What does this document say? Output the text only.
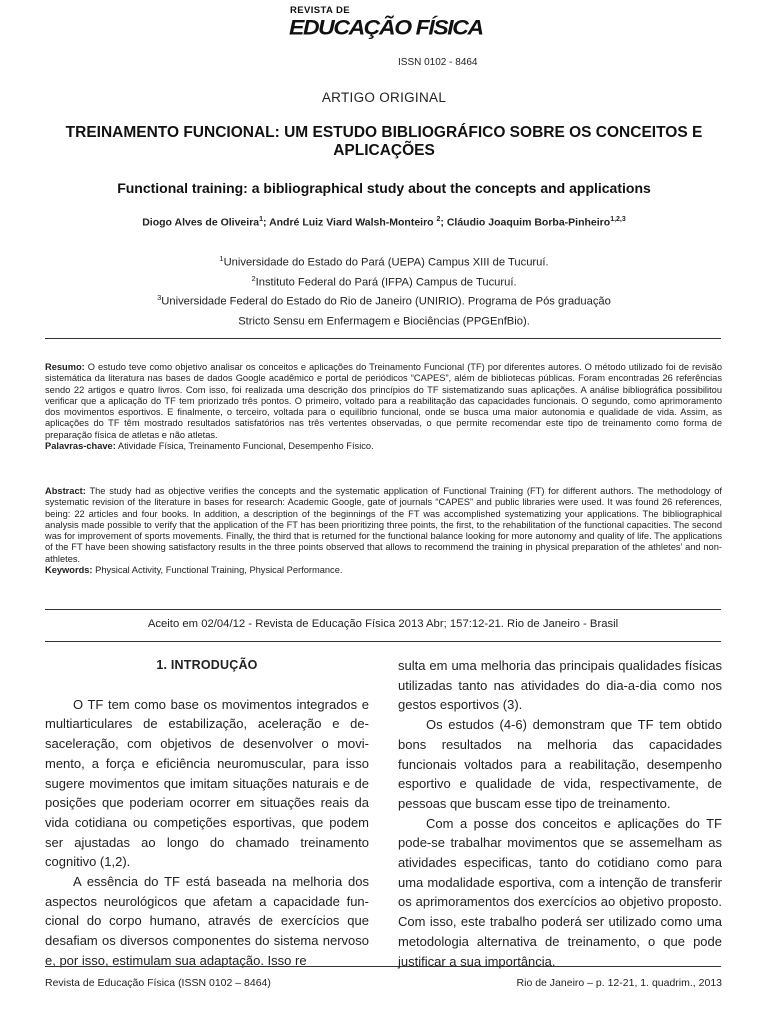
REVISTA DE
EDUCAÇÃO FÍSICA
ISSN 0102 - 8464
ARTIGO ORIGINAL
TREINAMENTO FUNCIONAL: UM ESTUDO BIBLIOGRÁFICO SOBRE OS CONCEITOS E APLICAÇÕES
Functional training: a bibliographical study about the concepts and applications
Diogo Alves de Oliveira$^1$; André Luiz Viard Walsh-Monteiro $^2$; Cláudio Joaquim Borba-Pinheiro$^{1,2,3}$
$^1$Universidade do Estado do Pará (UEPA) Campus XIII de Tucuruí.
$^2$Instituto Federal do Pará (IFPA) Campus de Tucuruí.
$^3$Universidade Federal do Estado do Rio de Janeiro (UNIRIO). Programa de Pós graduação
Stricto Sensu em Enfermagem e Biociências (PPGEnfBio).
Resumo: O estudo teve como objetivo analisar os conceitos e aplicações do Treinamento Funcional (TF) por diferentes autores. O método utilizado foi de revisão sistemática da literatura nas bases de dados Google acadêmico e portal de periódicos “CAPES”, além de bibliotecas públicas. Foram encontradas 26 referências sendo 22 artigos e quatro livros. Com isso, foi realizada uma descrição dos princípios do TF sistematizando suas aplicações. A análise bibliográfica possibilitou verificar que a aplicação do TF tem priorizado três pontos. O primeiro, voltado para a reabilitação das capacidades funcionais. O segundo, como aprimoramento dos movimentos esportivos. E finalmente, o terceiro, voltada para o equilíbrio funcional, onde se busca uma maior autonomia e qualidade de vida. Assim, as aplicações do TF têm mostrado resultados satisfatórios nas três vertentes observadas, o que permite recomendar este tipo de treinamento como forma de preparação física de atletas e não atletas.
Palavras-chave: Atividade Física, Treinamento Funcional, Desempenho Físico.
Abstract: The study had as objective verifies the concepts and the systematic application of Functional Training (FT) for different authors. The methodology of systematic revision of the literature in bases for research: Academic Google, gate of journals “CAPES” and public libraries were used. It was found 26 references, being: 22 articles and four books. In addition, a description of the beginnings of the FT was accomplished systematizing your applications. The bibliographical analysis made possible to verify that the application of the FT has been prioritizing three points, the first, to the rehabilitation of the functional capacities. The second was for improvement of sports movements. Finally, the third that is returned for the functional balance looking for more autonomy and quality of life. The applications of the FT have been showing satisfactory results in the three points observed that allows to recommend the training in physical preparation of the athletes’ and non-athletes.
Keywords: Physical Activity, Functional Training, Physical Performance.
Aceito em 02/04/12 - Revista de Educação Física 2013 Abr; 157:12-21. Rio de Janeiro - Brasil

1. INTRODUÇÃO

O TF tem como base os movimentos integrados e multiarticulares de estabilização, aceleração e desaceleração, com objetivos de desenvolver o movimento, a força e eficiência neuromuscular, para isso sugere movimentos que imitam situações naturais e de posições que poderiam ocorrer em situações reais da vida cotidiana ou competições esportivas, que podem ser ajustadas ao longo do chamado treinamento cognitivo (1,2).

A essência do TF está baseada na melhoria dos aspectos neurológicos que afetam a capacidade funcional do corpo humano, através de exercícios que desafiam os diversos componentes do sistema nervoso e, por isso, estimulam sua adaptação. Isso re

sulta em uma melhoria das principais qualidades físicas utilizadas tanto nas atividades do dia-a-dia como nos gestos esportivos (3).

Os estudos (4-6) demonstram que TF tem obtido bons resultados na melhoria das capacidades funcionais voltados para a reabilitação, desempenho esportivo e qualidade de vida, respectivamente, de pessoas que buscam esse tipo de treinamento.

Com a posse dos conceitos e aplicações do TF pode-se trabalhar movimentos que se assemelham as atividades especificas, tanto do cotidiano como para uma modalidade esportiva, com a intenção de transferir os aprimoramentos dos exercícios ao objetivo proposto. Com isso, este trabalho poderá ser utilizado como uma metodologia alternativa de treinamento, o que pode justificar a sua importância.

Revista de Educação Física (ISSN 0102 – 8464)	Rio de Janeiro – p. 12-21, 1. quadrim., 2013
